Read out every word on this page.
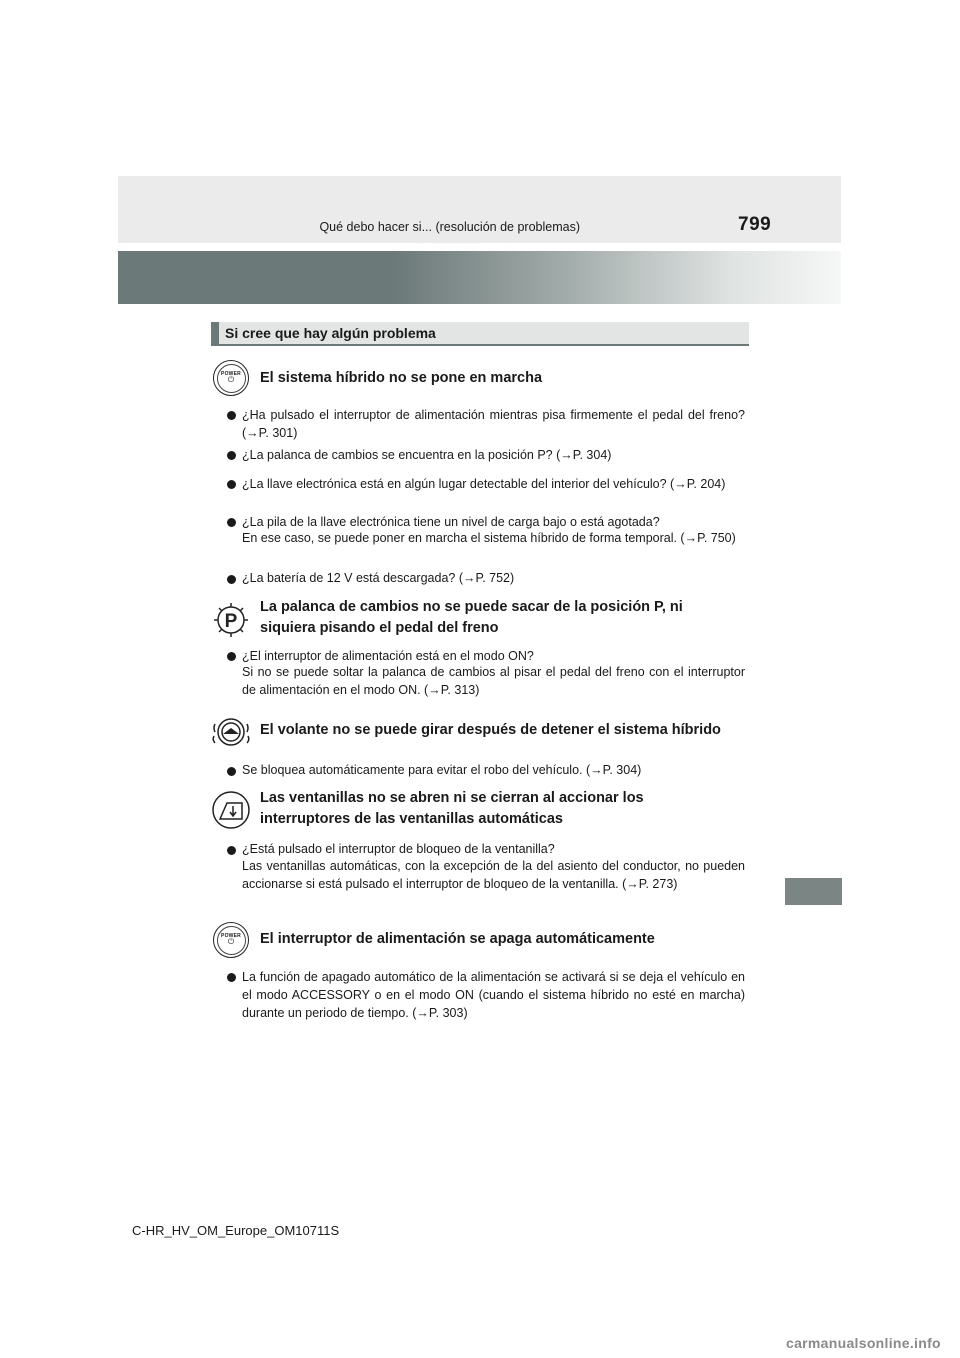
Qué debo hacer si... (resolución de problemas)	799
Si cree que hay algún problema
POWER
⏻	El sistema híbrido no se pone en marcha
¿Ha pulsado el interruptor de alimentación mientras pisa firmemente el pedal del freno? (→P. 301)
¿La palanca de cambios se encuentra en la posición P? (→P. 304)
¿La llave electrónica está en algún lugar detectable del interior del vehículo? (→P. 204)
¿La pila de la llave electrónica tiene un nivel de carga bajo o está agotada?
En ese caso, se puede poner en marcha el sistema híbrido de forma temporal. (→P. 750)
¿La batería de 12 V está descargada? (→P. 752)
P
La palanca de cambios no se puede sacar de la posición P, ni
siquiera pisando el pedal del freno
¿El interruptor de alimentación está en el modo ON?
Si no se puede soltar la palanca de cambios al pisar el pedal del freno con el interruptor de alimentación en el modo ON. (→P. 313)
El volante no se puede girar después de detener el sistema híbrido
Se bloquea automáticamente para evitar el robo del vehículo. (→P. 304)
Las ventanillas no se abren ni se cierran al accionar los
interruptores de las ventanillas automáticas
¿Está pulsado el interruptor de bloqueo de la ventanilla?
Las ventanillas automáticas, con la excepción de la del asiento del conductor, no pueden accionarse si está pulsado el interruptor de bloqueo de la ventanilla. (→P. 273)
POWER
⏻	El interruptor de alimentación se apaga automáticamente
La función de apagado automático de la alimentación se activará si se deja el vehículo en el modo ACCESSORY o en el modo ON (cuando el sistema híbrido no esté en marcha) durante un periodo de tiempo. (→P. 303)
C-HR_HV_OM_Europe_OM10711S
carmanualsonline.info
